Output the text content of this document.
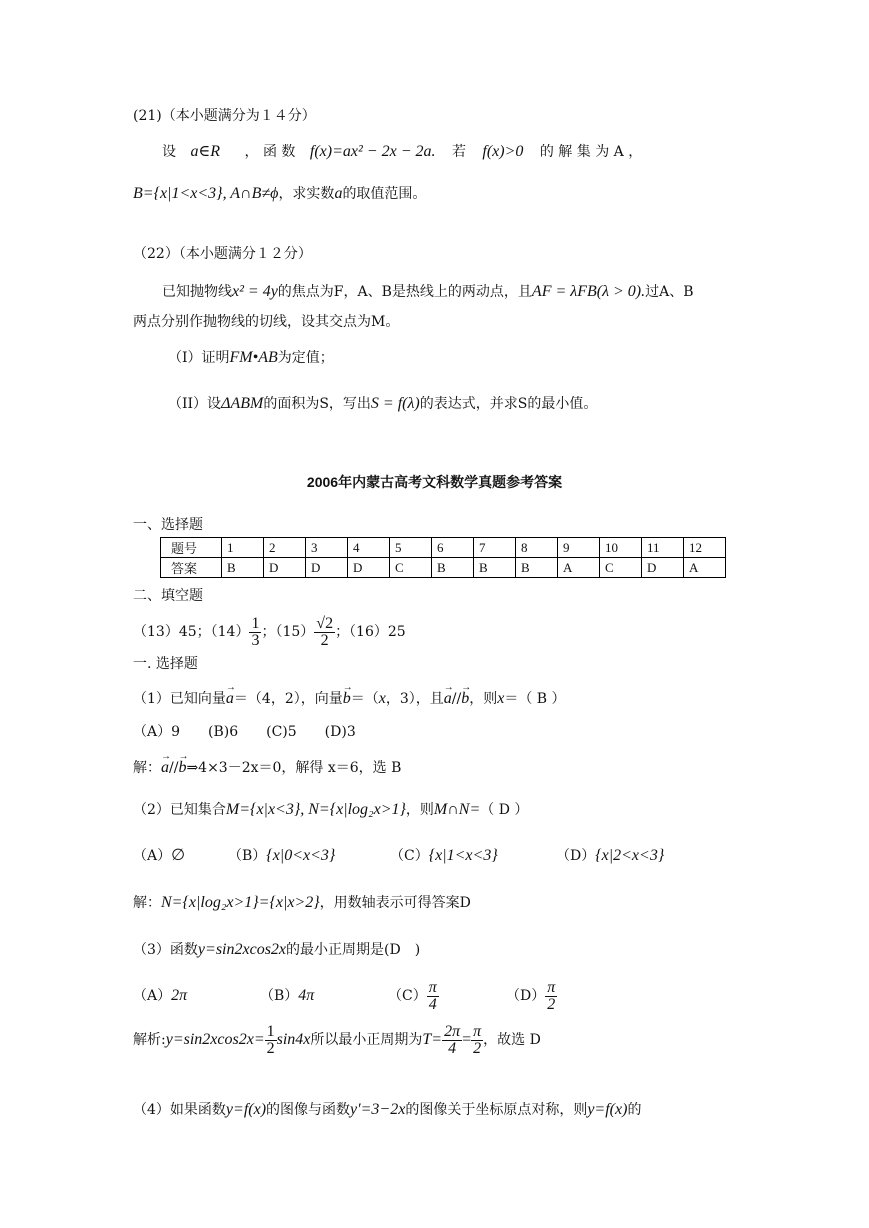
(21)（本小题满分为１４分）
设 a∈R ， 函 数 f(x)=ax² − 2x − 2a. 若 f(x)>0 的 解 集 为 A ，
B={x|1<x<3}, A∩B≠ϕ，求实数a的取值范围。
（22）（本小题满分１２分）
已知抛物线x² = 4y的焦点为F，A、B是热线上的两动点，且AF = λFB(λ > 0).过A、B
两点分别作抛物线的切线，设其交点为M。
（I）证明FM•AB为定值；
（II）设ΔABM的面积为S，写出S = f(λ)的表达式，并求S的最小值。
2006年内蒙古高考文科数学真题参考答案
一、选择题
题号	1	2	3	4	5	6	7	8	9	10	11	12
答案	B	D	D	D	C	B	B	B	A	C	D	A
二、填空题
（13）45；$(14) \frac{1}{3}$ ；$(15) \frac{√2}{2}$ ；（16）25
一. 选择题
（1）已知向量→ a＝（4，2），向量→ b＝（x，3），且→ a//→ b，则x＝（ B ）
（A）9　　(B)6　　(C)5　　(D)3
解：→ a//→ b⇒4×3－2x＝0，解得 x＝6，选 B
（2）已知集合M={x|x<3}, N={x|log₂x>1}，则M∩N=（ D ）
（A）∅	（B）{x|0<x<3}	（C）{x|1<x<3}	（D）{x|2<x<3}
解：N={x|log₂x>1}={x|x>2}，用数轴表示可得答案D
（3）函数y=sin2xcos2x的最小正周期是(D　)
（A）2π	（B）4π	$(C) \frac{\pi}{4}$	$(D) \frac{\pi}{2}$
解析:y=sin2xcos2x= $\frac{1}{2} \sin 4x$所以最小正周期为$T= \frac{2\pi}{4} = \frac{\pi}{2}$ ，故选 D
（4）如果函数y=f(x)的图像与函数y′=3−2x的图像关于坐标原点对称，则y=f(x)的
